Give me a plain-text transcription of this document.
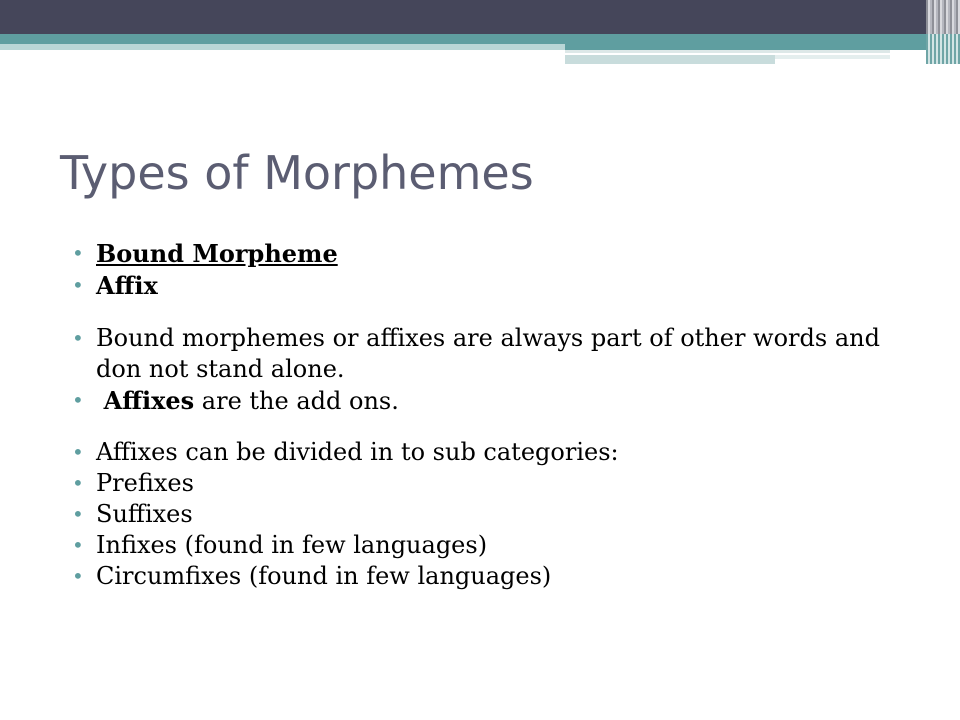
Types of Morphemes
• Bound Morpheme
• Affix
• Bound morphemes or affixes are always part of other words and don not stand alone.
• Affixes are the add ons.
• Affixes can be divided in to sub categories:
• Prefixes
• Suffixes
• Infixes (found in few languages)
• Circumfixes (found in few languages)
